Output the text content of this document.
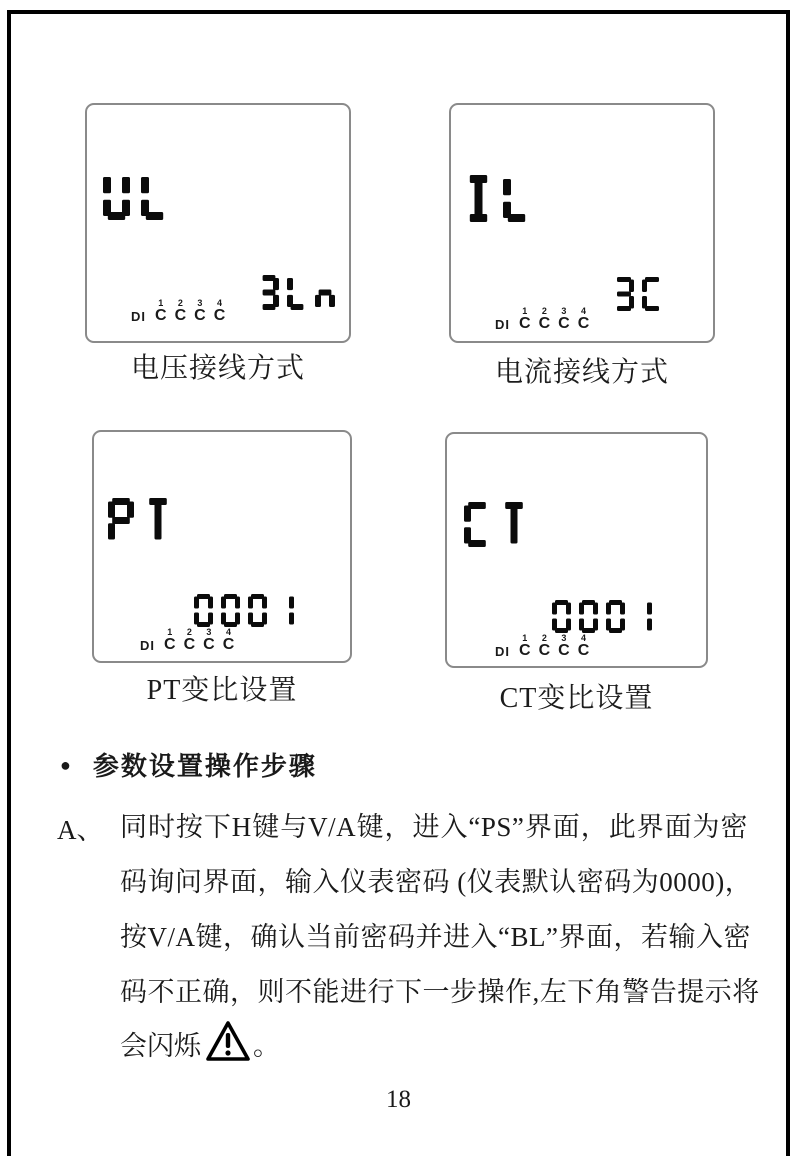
DI
1
C
2
C
3
C
4
C
电压接线方式
DI
1
C
2
C
3
C
4
C
电流接线方式
DI
1
C
2
C
3
C
4
C
PT变比设置
DI
1
C
2
C
3
C
4
C
CT变比设置
● 参数设置操作步骤
A、 同时按下H键与V/A键，进入“PS”界面，此界面为密
码询问界面，输入仪表密码 (仪表默认密码为0000)，
按V/A键，确认当前密码并进入“BL”界面，若输入密
码不正确，则不能进行下一步操作,左下角警告提示将
会闪烁 。
18
